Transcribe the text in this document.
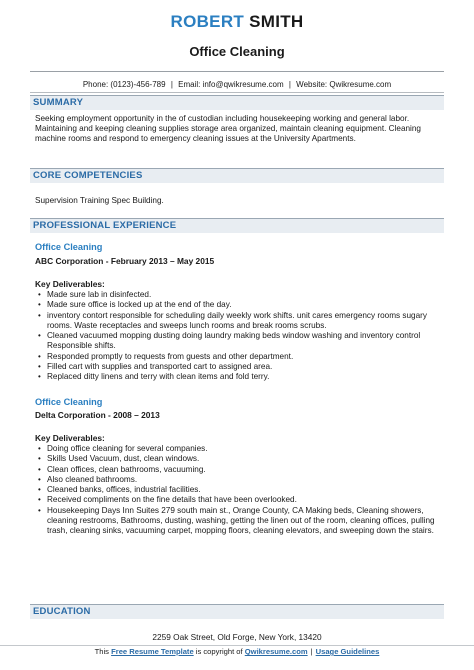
ROBERT SMITH
Office Cleaning
Phone: (0123)-456-789 | Email: info@qwikresume.com | Website: Qwikresume.com
SUMMARY
Seeking employment opportunity in the of custodian including housekeeping working and general labor. Maintaining and keeping cleaning supplies storage area organized, maintain cleaning equipment. Cleaning machine rooms and respond to emergency cleaning issues at the University Apartments.
CORE COMPETENCIES
Supervision Training Spec Building.
PROFESSIONAL EXPERIENCE
Office Cleaning
ABC Corporation - February 2013 – May 2015
Key Deliverables:
• Made sure lab in disinfected.
• Made sure office is locked up at the end of the day.
• inventory contort responsible for scheduling daily weekly work shifts. unit cares emergency rooms sugary rooms. Waste receptacles and sweeps lunch rooms and break rooms scrubs.
• Cleaned vacuumed mopping dusting doing laundry making beds window washing and inventory control Responsible shifts.
• Responded promptly to requests from guests and other department.
• Filled cart with supplies and transported cart to assigned area.
• Replaced ditty linens and terry with clean items and fold terry.
Office Cleaning
Delta Corporation - 2008 – 2013
Key Deliverables:
• Doing office cleaning for several companies.
• Skills Used Vacuum, dust, clean windows.
• Clean offices, clean bathrooms, vacuuming.
• Also cleaned bathrooms.
• Cleaned banks, offices, industrial facilities.
• Received compliments on the fine details that have been overlooked.
• Housekeeping Days Inn Suites 279 south main st., Orange County, CA Making beds, Cleaning showers, cleaning restrooms, Bathrooms, dusting, washing, getting the linen out of the room, cleaning offices, pulling trash, cleaning sinks, vacuuming carpet, mopping floors, cleaning elevators, and sweeping down the stairs.
EDUCATION
2259 Oak Street, Old Forge, New York, 13420
This Free Resume Template is copyright of Qwikresume.com | Usage Guidelines
